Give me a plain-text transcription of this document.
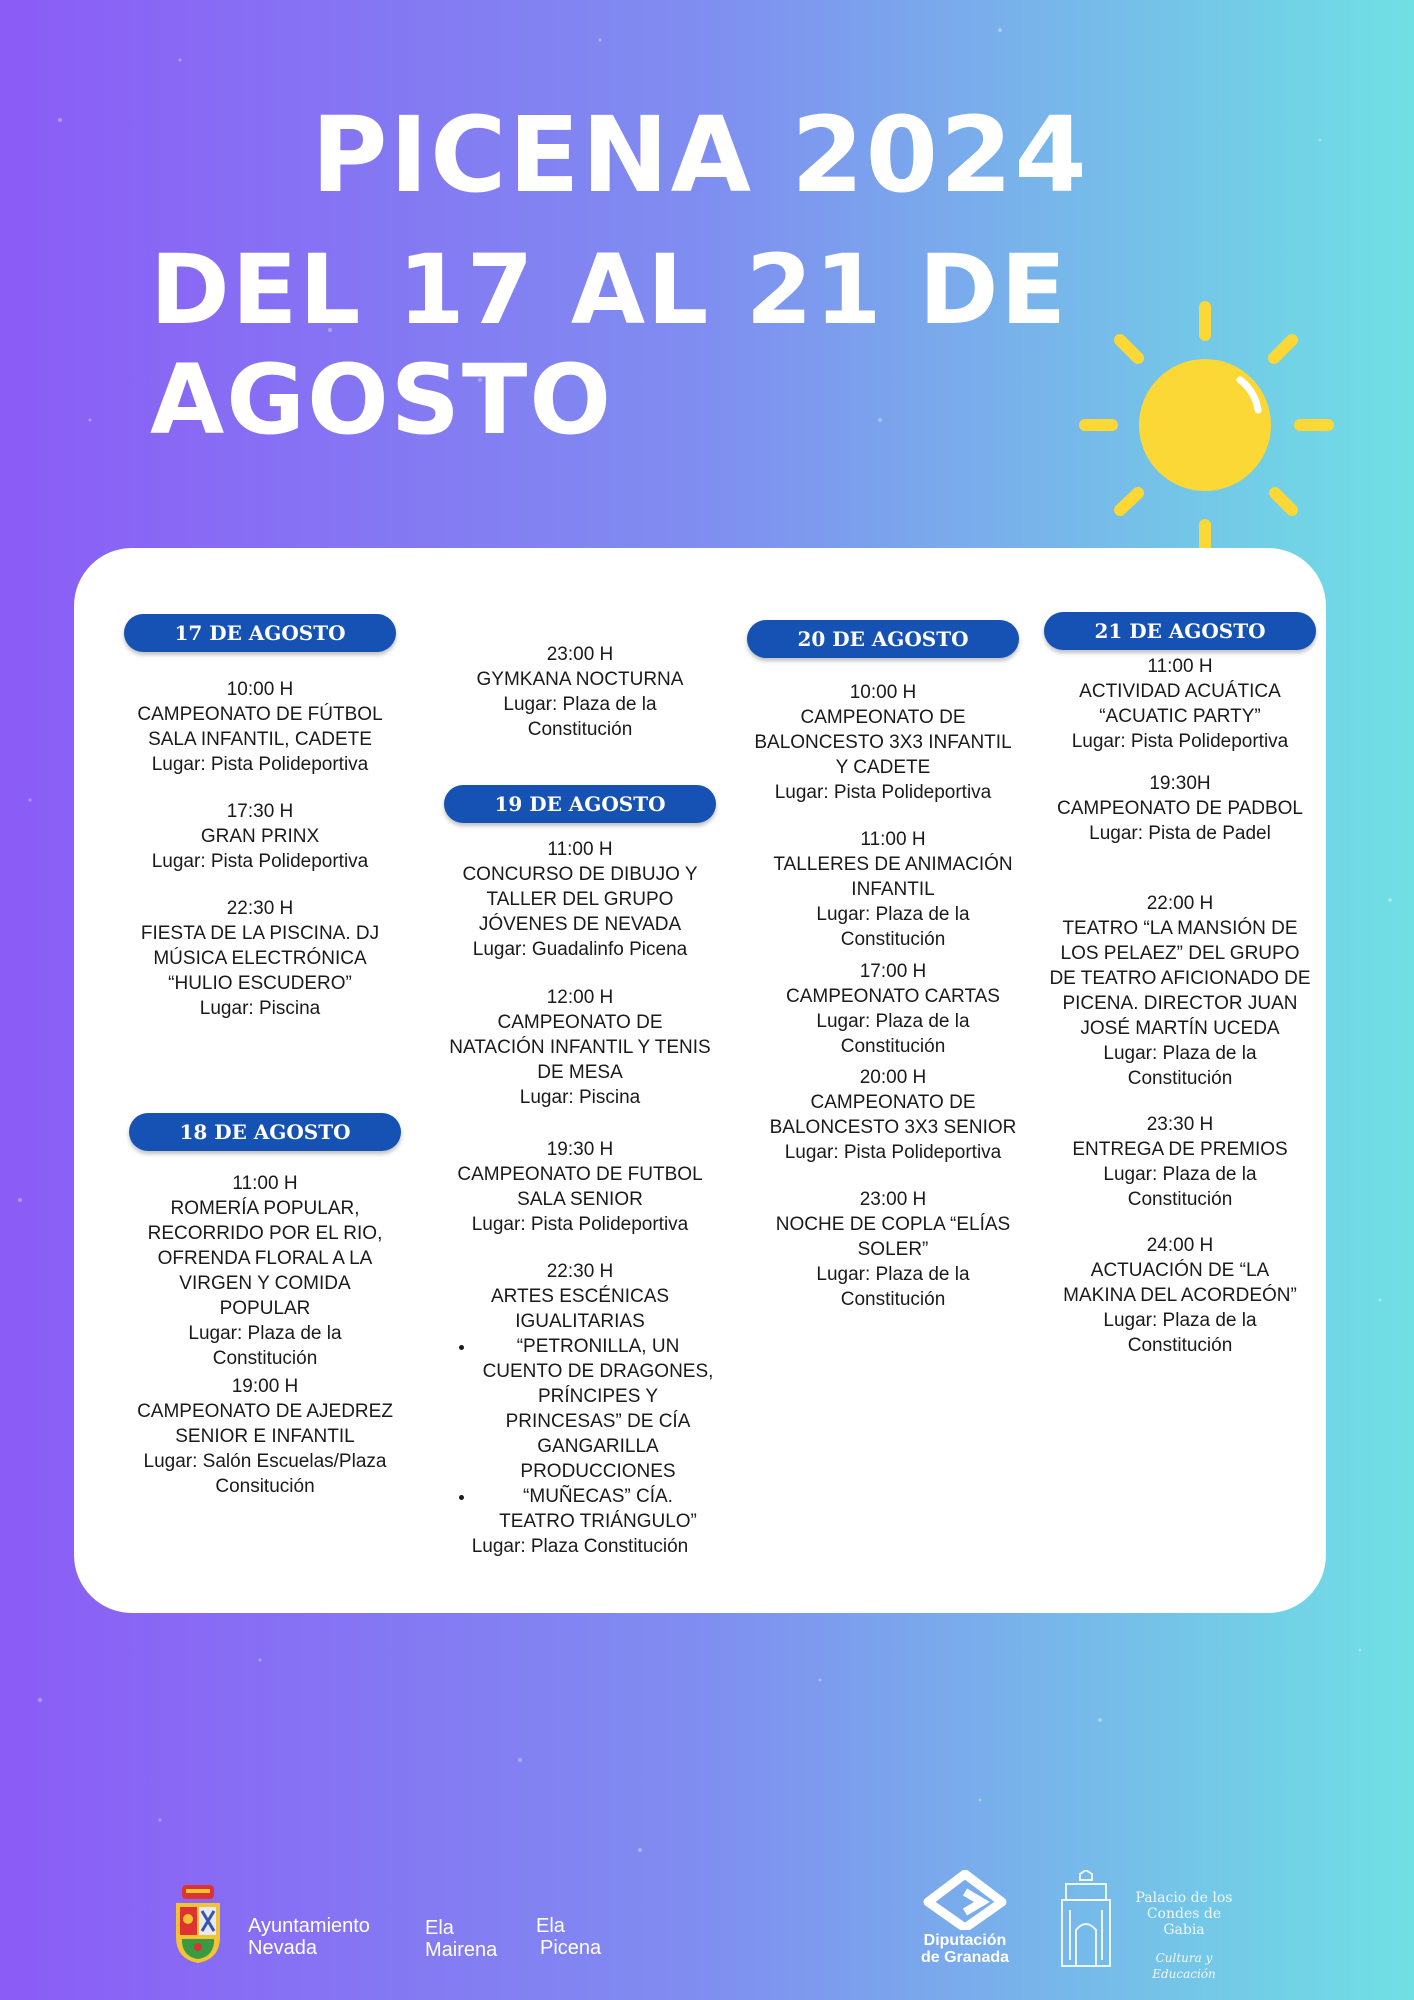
PICENA 2024
DEL 17 AL 21 DE AGOSTO
17 DE AGOSTO
10:00 H
CAMPEONATO DE FÚTBOL
SALA INFANTIL, CADETE
Lugar: Pista Polideportiva
17:30 H
GRAN PRINX
Lugar: Pista Polideportiva
22:30 H
FIESTA DE LA PISCINA. DJ
MÚSICA ELECTRÓNICA
“HULIO ESCUDERO”
Lugar: Piscina
18 DE AGOSTO
11:00 H
ROMERÍA POPULAR,
RECORRIDO POR EL RIO,
OFRENDA FLORAL A LA
VIRGEN Y COMIDA
POPULAR
Lugar: Plaza de la
Constitución
19:00 H
CAMPEONATO DE AJEDREZ
SENIOR E INFANTIL
Lugar: Salón Escuelas/Plaza
Consitución
23:00 H
GYMKANA NOCTURNA
Lugar: Plaza de la
Constitución
19 DE AGOSTO
11:00 H
CONCURSO DE DIBUJO Y
TALLER DEL GRUPO
JÓVENES DE NEVADA
Lugar: Guadalinfo Picena
12:00 H
CAMPEONATO DE
NATACIÓN INFANTIL Y TENIS
DE MESA
Lugar: Piscina
19:30 H
CAMPEONATO DE FUTBOL
SALA SENIOR
Lugar: Pista Polideportiva
22:30 H
ARTES ESCÉNICAS
IGUALITARIAS
• “PETRONILLA, UN
CUENTO DE DRAGONES,
PRÍNCIPES Y
PRINCESAS” DE CÍA
GANGARILLA
PRODUCCIONES
• “MUÑECAS” CÍA.
TEATRO TRIÁNGULO”
Lugar: Plaza Constitución
20 DE AGOSTO
10:00 H
CAMPEONATO DE
BALONCESTO 3X3 INFANTIL
Y CADETE
Lugar: Pista Polideportiva
11:00 H
TALLERES DE ANIMACIÓN
INFANTIL
Lugar: Plaza de la
Constitución
17:00 H
CAMPEONATO CARTAS
Lugar: Plaza de la
Constitución
20:00 H
CAMPEONATO DE
BALONCESTO 3X3 SENIOR
Lugar: Pista Polideportiva
23:00 H
NOCHE DE COPLA “ELÍAS
SOLER”
Lugar: Plaza de la
Constitución
21 DE AGOSTO
11:00 H
ACTIVIDAD ACUÁTICA
“ACUATIC PARTY”
Lugar: Pista Polideportiva
19:30H
CAMPEONATO DE PADBOL
Lugar: Pista de Padel
22:00 H
TEATRO “LA MANSIÓN DE
LOS PELAEZ” DEL GRUPO
DE TEATRO AFICIONADO DE
PICENA. DIRECTOR JUAN
JOSÉ MARTÍN UCEDA
Lugar: Plaza de la
Constitución
23:30 H
ENTREGA DE PREMIOS
Lugar: Plaza de la
Constitución
24:00 H
ACTUACIÓN DE “LA
MAKINA DEL ACORDEÓN”
Lugar: Plaza de la
Constitución
Ayuntamiento
Nevada
Ela
Mairena
Ela
Picena	Diputación
de Granada
Palacio de los
Condes de Gabia
Cultura y Educación
